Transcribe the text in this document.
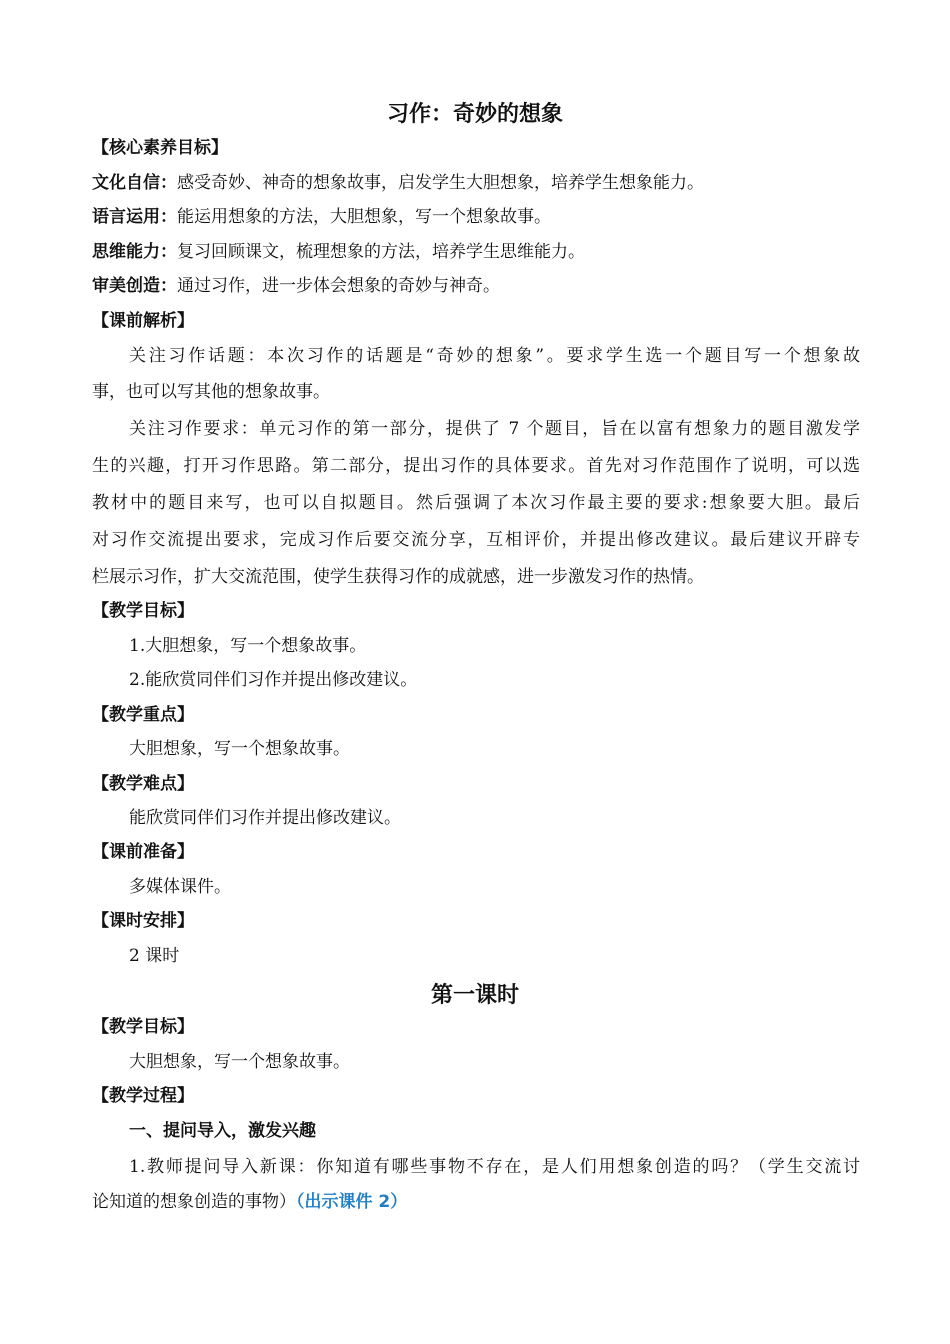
习作：奇妙的想象
【核心素养目标】
文化自信：感受奇妙、神奇的想象故事，启发学生大胆想象，培养学生想象能力。
语言运用：能运用想象的方法，大胆想象，写一个想象故事。
思维能力：复习回顾课文，梳理想象的方法，培养学生思维能力。
审美创造：通过习作，进一步体会想象的奇妙与神奇。
【课前解析】
关注习作话题：本次习作的话题是“奇妙的想象”。要求学生选一个题目写一个想象故
事，也可以写其他的想象故事。
关注习作要求：单元习作的第一部分，提供了 7 个题目，旨在以富有想象力的题目激发学
生的兴趣，打开习作思路。第二部分，提出习作的具体要求。首先对习作范围作了说明，可以选
教材中的题目来写，也可以自拟题目。然后强调了本次习作最主要的要求:想象要大胆。最后
对习作交流提出要求，完成习作后要交流分享，互相评价，并提出修改建议。最后建议开辟专
栏展示习作，扩大交流范围，使学生获得习作的成就感，进一步激发习作的热情。
【教学目标】
1.大胆想象，写一个想象故事。
2.能欣赏同伴们习作并提出修改建议。
【教学重点】
大胆想象，写一个想象故事。
【教学难点】
能欣赏同伴们习作并提出修改建议。
【课前准备】
多媒体课件。
【课时安排】
2 课时
第一课时
【教学目标】
大胆想象，写一个想象故事。
【教学过程】
一、提问导入，激发兴趣
1.教师提问导入新课：你知道有哪些事物不存在，是人们用想象创造的吗？（学生交流讨
论知道的想象创造的事物）（出示课件 2）
